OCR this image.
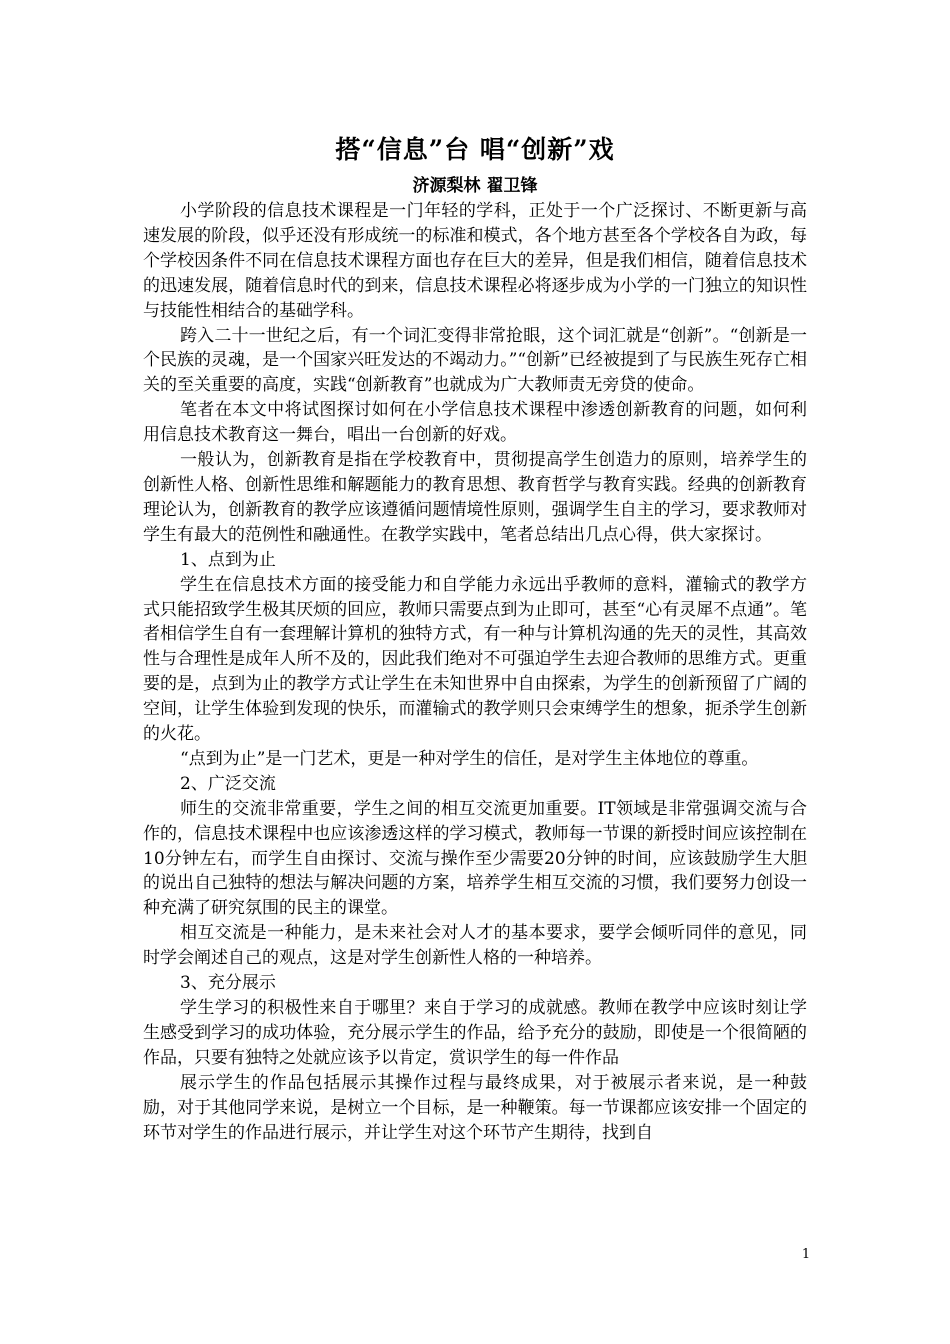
搭“信息”台 唱“创新”戏
济源梨林 翟卫锋

小学阶段的信息技术课程是一门年轻的学科，正处于一个广泛探讨、不断更新与高速发展的阶段，似乎还没有形成统一的标准和模式，各个地方甚至各个学校各自为政，每个学校因条件不同在信息技术课程方面也存在巨大的差异，但是我们相信，随着信息技术的迅速发展，随着信息时代的到来，信息技术课程必将逐步成为小学的一门独立的知识性与技能性相结合的基础学科。

跨入二十一世纪之后，有一个词汇变得非常抢眼，这个词汇就是“创新”。“创新是一个民族的灵魂，是一个国家兴旺发达的不竭动力。”“创新”已经被提到了与民族生死存亡相关的至关重要的高度，实践“创新教育”也就成为广大教师责无旁贷的使命。

笔者在本文中将试图探讨如何在小学信息技术课程中渗透创新教育的问题，如何利用信息技术教育这一舞台，唱出一台创新的好戏。

一般认为，创新教育是指在学校教育中，贯彻提高学生创造力的原则，培养学生的创新性人格、创新性思维和解题能力的教育思想、教育哲学与教育实践。经典的创新教育理论认为，创新教育的教学应该遵循问题情境性原则，强调学生自主的学习，要求教师对学生有最大的范例性和融通性。在教学实践中，笔者总结出几点心得，供大家探讨。

1、点到为止

学生在信息技术方面的接受能力和自学能力永远出乎教师的意料，灌输式的教学方式只能招致学生极其厌烦的回应，教师只需要点到为止即可，甚至“心有灵犀不点通”。笔者相信学生自有一套理解计算机的独特方式，有一种与计算机沟通的先天的灵性，其高效性与合理性是成年人所不及的，因此我们绝对不可强迫学生去迎合教师的思维方式。更重要的是，点到为止的教学方式让学生在未知世界中自由探索，为学生的创新预留了广阔的空间，让学生体验到发现的快乐，而灌输式的教学则只会束缚学生的想象，扼杀学生创新的火花。

“点到为止”是一门艺术，更是一种对学生的信任，是对学生主体地位的尊重。

2、广泛交流

师生的交流非常重要，学生之间的相互交流更加重要。IT领域是非常强调交流与合作的，信息技术课程中也应该渗透这样的学习模式，教师每一节课的新授时间应该控制在10分钟左右，而学生自由探讨、交流与操作至少需要20分钟的时间，应该鼓励学生大胆的说出自己独特的想法与解决问题的方案，培养学生相互交流的习惯，我们要努力创设一种充满了研究氛围的民主的课堂。

相互交流是一种能力，是未来社会对人才的基本要求，要学会倾听同伴的意见，同时学会阐述自己的观点，这是对学生创新性人格的一种培养。

3、充分展示

学生学习的积极性来自于哪里？来自于学习的成就感。教师在教学中应该时刻让学生感受到学习的成功体验，充分展示学生的作品，给予充分的鼓励，即使是一个很简陋的作品，只要有独特之处就应该予以肯定，赏识学生的每一件作品

展示学生的作品包括展示其操作过程与最终成果，对于被展示者来说，是一种鼓励，对于其他同学来说，是树立一个目标，是一种鞭策。每一节课都应该安排一个固定的环节对学生的作品进行展示，并让学生对这个环节产生期待，找到自

1
